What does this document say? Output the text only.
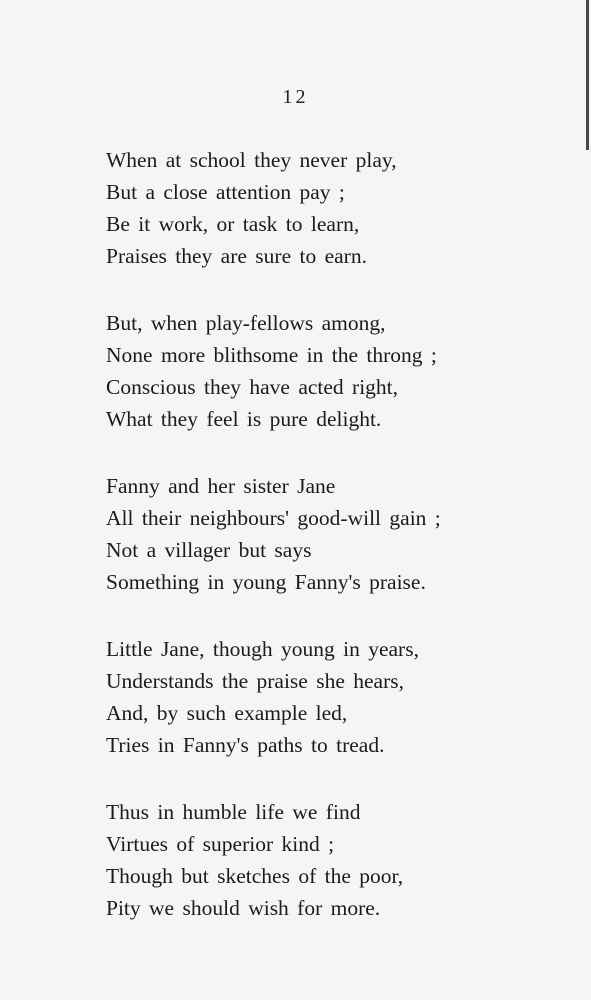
12
When at school they never play,
But a close attention pay ;
Be it work, or task to learn,
Praises they are sure to earn.
But, when play-fellows among,
None more blithsome in the throng ;
Conscious they have acted right,
What they feel is pure delight.
Fanny and her sister Jane
All their neighbours' good-will gain ;
Not a villager but says
Something in young Fanny's praise.
Little Jane, though young in years,
Understands the praise she hears,
And, by such example led,
Tries in Fanny's paths to tread.
Thus in humble life we find
Virtues of superior kind ;
Though but sketches of the poor,
Pity we should wish for more.
